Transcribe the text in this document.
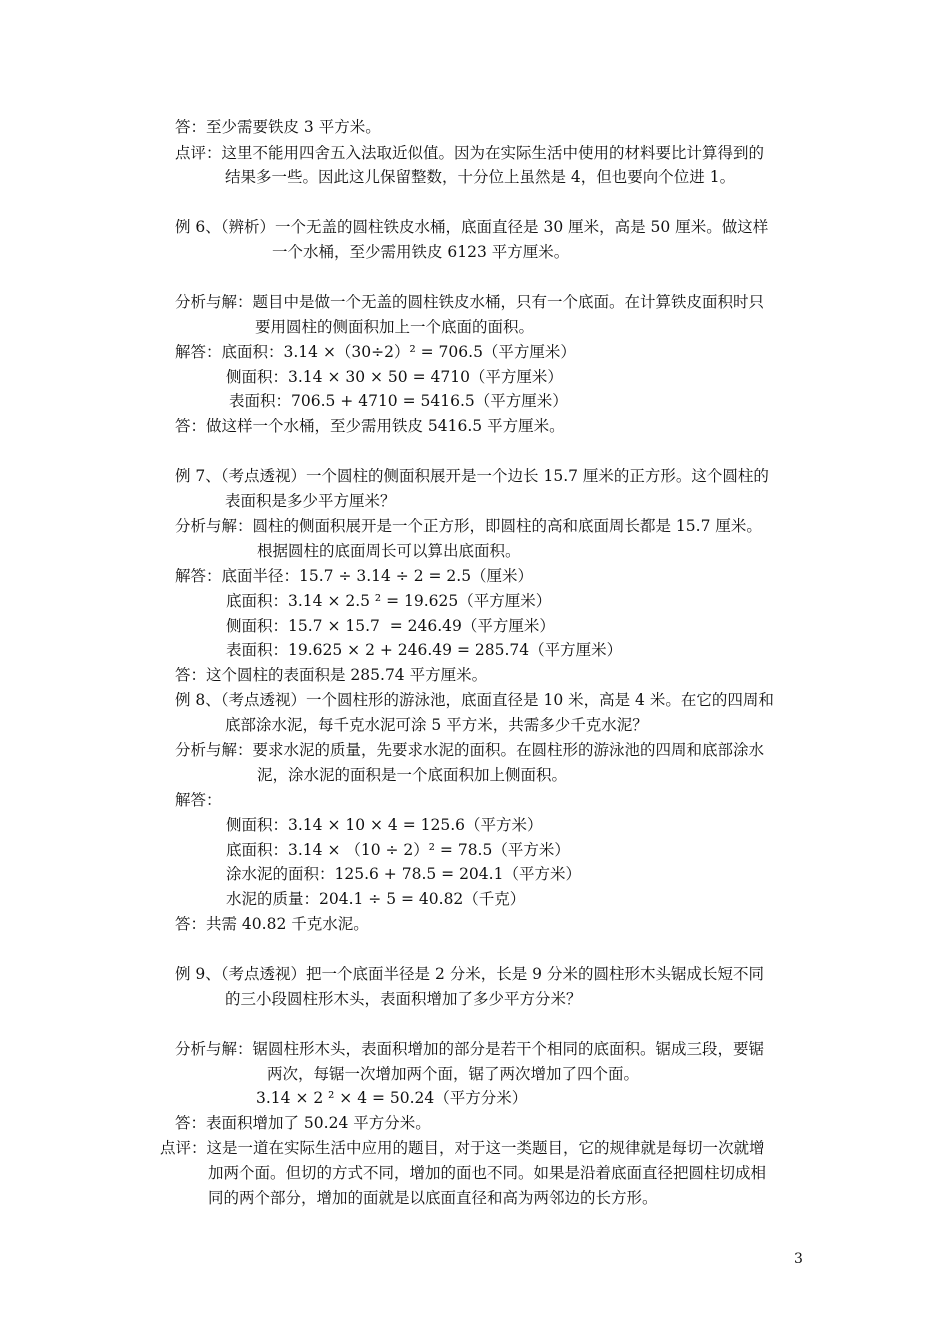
答：至少需要铁皮 3 平方米。
点评：这里不能用四舍五入法取近似值。因为在实际生活中使用的材料要比计算得到的
结果多一些。因此这儿保留整数，十分位上虽然是 4，但也要向个位进 1。
例 6、（辨析）一个无盖的圆柱铁皮水桶，底面直径是 30 厘米，高是 50 厘米。做这样
一个水桶，至少需用铁皮 6123 平方厘米。
分析与解：题目中是做一个无盖的圆柱铁皮水桶，只有一个底面。在计算铁皮面积时只
要用圆柱的侧面积加上一个底面的面积。
解答：底面积：3.14 ×（30÷2）² = 706.5（平方厘米）
侧面积：3.14 × 30 × 50 = 4710（平方厘米）
表面积：706.5 + 4710 = 5416.5（平方厘米）
答：做这样一个水桶，至少需用铁皮 5416.5 平方厘米。
例 7、（考点透视）一个圆柱的侧面积展开是一个边长 15.7 厘米的正方形。这个圆柱的
表面积是多少平方厘米？
分析与解：圆柱的侧面积展开是一个正方形，即圆柱的高和底面周长都是 15.7 厘米。
根据圆柱的底面周长可以算出底面积。
解答：底面半径：15.7 ÷ 3.14 ÷ 2 = 2.5（厘米）
底面积：3.14 × 2.5 ² = 19.625（平方厘米）
侧面积：15.7 × 15.7  = 246.49（平方厘米）
表面积：19.625 × 2 + 246.49 = 285.74（平方厘米）
答：这个圆柱的表面积是 285.74 平方厘米。
例 8、（考点透视）一个圆柱形的游泳池，底面直径是 10 米，高是 4 米。在它的四周和
底部涂水泥，每千克水泥可涂 5 平方米，共需多少千克水泥？
分析与解：要求水泥的质量，先要求水泥的面积。在圆柱形的游泳池的四周和底部涂水
泥，涂水泥的面积是一个底面积加上侧面积。
解答：
侧面积：3.14 × 10 × 4 = 125.6（平方米）
底面积：3.14 × （10 ÷ 2）² = 78.5（平方米）
涂水泥的面积：125.6 + 78.5 = 204.1（平方米）
水泥的质量：204.1 ÷ 5 = 40.82（千克）
答：共需 40.82 千克水泥。
例 9、（考点透视）把一个底面半径是 2 分米，长是 9 分米的圆柱形木头锯成长短不同
的三小段圆柱形木头，表面积增加了多少平方分米？
分析与解：锯圆柱形木头，表面积增加的部分是若干个相同的底面积。锯成三段，要锯
两次，每锯一次增加两个面，锯了两次增加了四个面。
3.14 × 2 ² × 4 = 50.24（平方分米）
答：表面积增加了 50.24 平方分米。
点评：这是一道在实际生活中应用的题目，对于这一类题目，它的规律就是每切一次就增
加两个面。但切的方式不同，增加的面也不同。如果是沿着底面直径把圆柱切成相
同的两个部分，增加的面就是以底面直径和高为两邻边的长方形。
3
